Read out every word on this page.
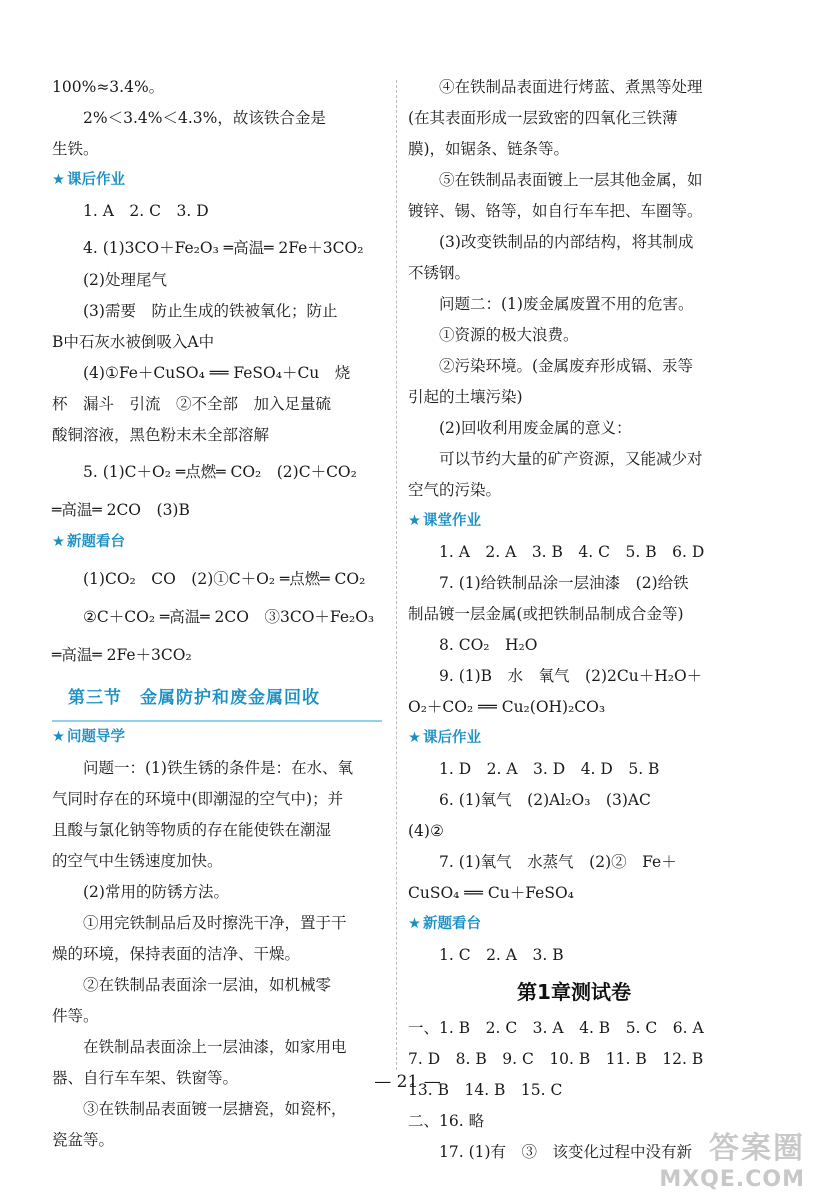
100%≈3.4%。
2%＜3.4%＜4.3%，故该铁合金是
生铁。
★ 课后作业
1. A　2. C　3. D
4. (1)3CO＋Fe₂O₃ ═高温═ 2Fe＋3CO₂
(2)处理尾气
(3)需要　防止生成的铁被氧化；防止
B中石灰水被倒吸入A中
(4)①Fe＋CuSO₄ ══ FeSO₄＋Cu　烧
杯　漏斗　引流　②不全部　加入足量硫
酸铜溶液，黑色粉末未全部溶解
5. (1)C＋O₂ ═点燃═ CO₂　(2)C＋CO₂
═高温═ 2CO　(3)B
★ 新题看台
(1)CO₂　CO　(2)①C＋O₂ ═点燃═ CO₂
②C＋CO₂ ═高温═ 2CO　③3CO＋Fe₂O₃
═高温═ 2Fe＋3CO₂
第三节　金属防护和废金属回收
★ 问题导学
问题一：(1)铁生锈的条件是：在水、氧
气同时存在的环境中(即潮湿的空气中)；并
且酸与氯化钠等物质的存在能使铁在潮湿
的空气中生锈速度加快。
(2)常用的防锈方法。
①用完铁制品后及时擦洗干净，置于干
燥的环境，保持表面的洁净、干燥。
②在铁制品表面涂一层油，如机械零
件等。
在铁制品表面涂上一层油漆，如家用电
器、自行车车架、铁窗等。
③在铁制品表面镀一层搪瓷，如瓷杯，
瓷盆等。
④在铁制品表面进行烤蓝、煮黑等处理
(在其表面形成一层致密的四氧化三铁薄
膜)，如锯条、链条等。
⑤在铁制品表面镀上一层其他金属，如
镀锌、锡、铬等，如自行车车把、车圈等。
(3)改变铁制品的内部结构，将其制成
不锈钢。
问题二：(1)废金属废置不用的危害。
①资源的极大浪费。
②污染环境。(金属废弃形成镉、汞等
引起的土壤污染)
(2)回收利用废金属的意义：
可以节约大量的矿产资源，又能减少对
空气的污染。
★ 课堂作业
1. A　2. A　3. B　4. C　5. B　6. D
7. (1)给铁制品涂一层油漆　(2)给铁
制品镀一层金属(或把铁制品制成合金等)
8. CO₂　H₂O
9. (1)B　水　氧气　(2)2Cu＋H₂O＋
O₂＋CO₂ ══ Cu₂(OH)₂CO₃
★ 课后作业
1. D　2. A　3. D　4. D　5. B
6. (1)氧气　(2)Al₂O₃　(3)AC
(4)②
7. (1)氧气　水蒸气　(2)②　Fe＋
CuSO₄ ══ Cu＋FeSO₄
★ 新题看台
1. C　2. A　3. B
第1章测试卷
一、1. B　2. C　3. A　4. B　5. C　6. A
7. D　8. B　9. C　10. B　11. B　12. B
13. B　14. B　15. C
二、16. 略
17. (1)有　③　该变化过程中没有新
— 21 —
答案圈
MXQE.COM
